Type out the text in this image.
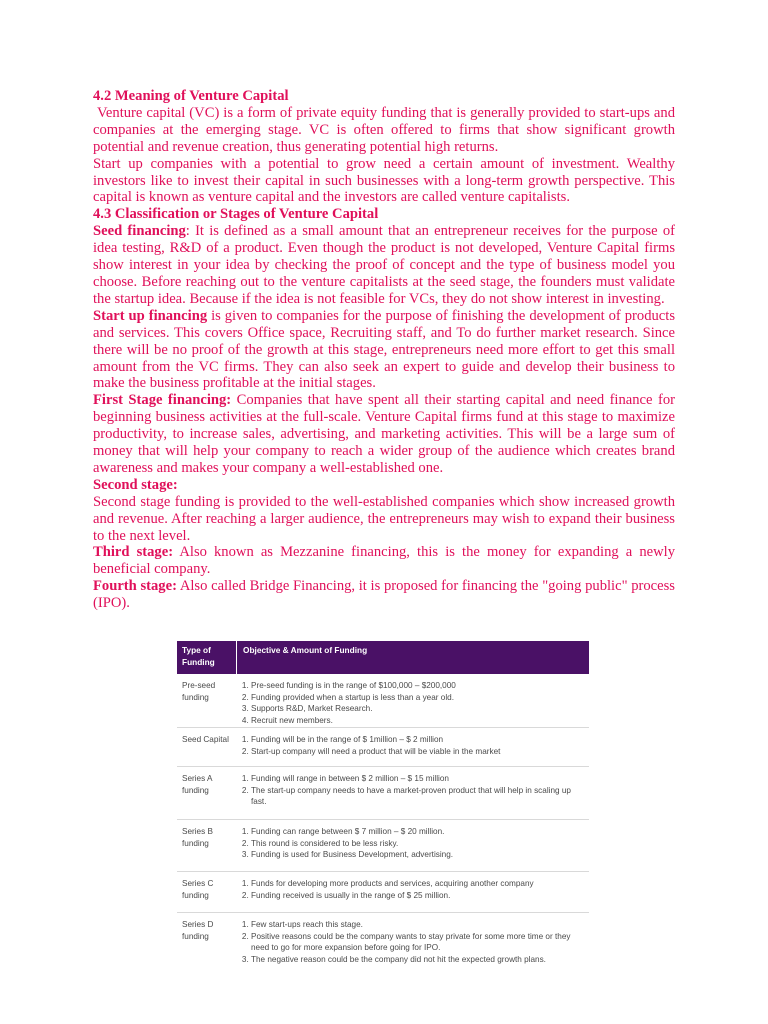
4.2 Meaning of Venture Capital

Venture capital (VC) is a form of private equity funding that is generally provided to start-ups and companies at the emerging stage. VC is often offered to firms that show significant growth potential and revenue creation, thus generating potential high returns.

Start up companies with a potential to grow need a certain amount of investment. Wealthy investors like to invest their capital in such businesses with a long-term growth perspective. This capital is known as venture capital and the investors are called venture capitalists.

4.3 Classification or Stages of Venture Capital

Seed financing: It is defined as a small amount that an entrepreneur receives for the purpose of idea testing, R&D of a product. Even though the product is not developed, Venture Capital firms show interest in your idea by checking the proof of concept and the type of business model you choose. Before reaching out to the venture capitalists at the seed stage, the founders must validate the startup idea. Because if the idea is not feasible for VCs, they do not show interest in investing.

Start up financing is given to companies for the purpose of finishing the development of products and services. This covers Office space, Recruiting staff, and To do further market research. Since there will be no proof of the growth at this stage, entrepreneurs need more effort to get this small amount from the VC firms. They can also seek an expert to guide and develop their business to make the business profitable at the initial stages.

First Stage financing: Companies that have spent all their starting capital and need finance for beginning business activities at the full-scale. Venture Capital firms fund at this stage to maximize productivity, to increase sales, advertising, and marketing activities. This will be a large sum of money that will help your company to reach a wider group of the audience which creates brand awareness and makes your company a well-established one.

Second stage:

Second stage funding is provided to the well-established companies which show increased growth and revenue. After reaching a larger audience, the entrepreneurs may wish to expand their business to the next level.

Third stage: Also known as Mezzanine financing, this is the money for expanding a newly beneficial company.

Fourth stage: Also called Bridge Financing, it is proposed for financing the "going public" process (IPO).

Type of Funding
Objective & Amount of Funding
Pre-seed funding
1. Pre-seed funding is in the range of $100,000 – $200,000
2. Funding provided when a startup is less than a year old.
3. Supports R&D, Market Research.
4. Recruit new members.
Seed Capital
1.	Funding will be in the range of $ 1million – $ 2 million
2. Start-up company will need a product that will be viable in the market
Series A funding
1. Funding will range in between $ 2 million – $ 15 million
2. The start-up company needs to have a market-proven product that will help in scaling up fast.
Series B funding
1. Funding can range between $ 7 million – $ 20 million.
2. This round is considered to be less risky.
3. Funding is used for Business Development, advertising.
Series C funding
1. Funds for developing more products and services, acquiring another company
2. Funding received is usually in the range of $ 25 million.
Series D funding
1. Few start-ups reach this stage.
2. Positive reasons could be the company wants to stay private for some more time or they need to go for more expansion before going for IPO.
3. The negative reason could be the company did not hit the expected growth plans.
